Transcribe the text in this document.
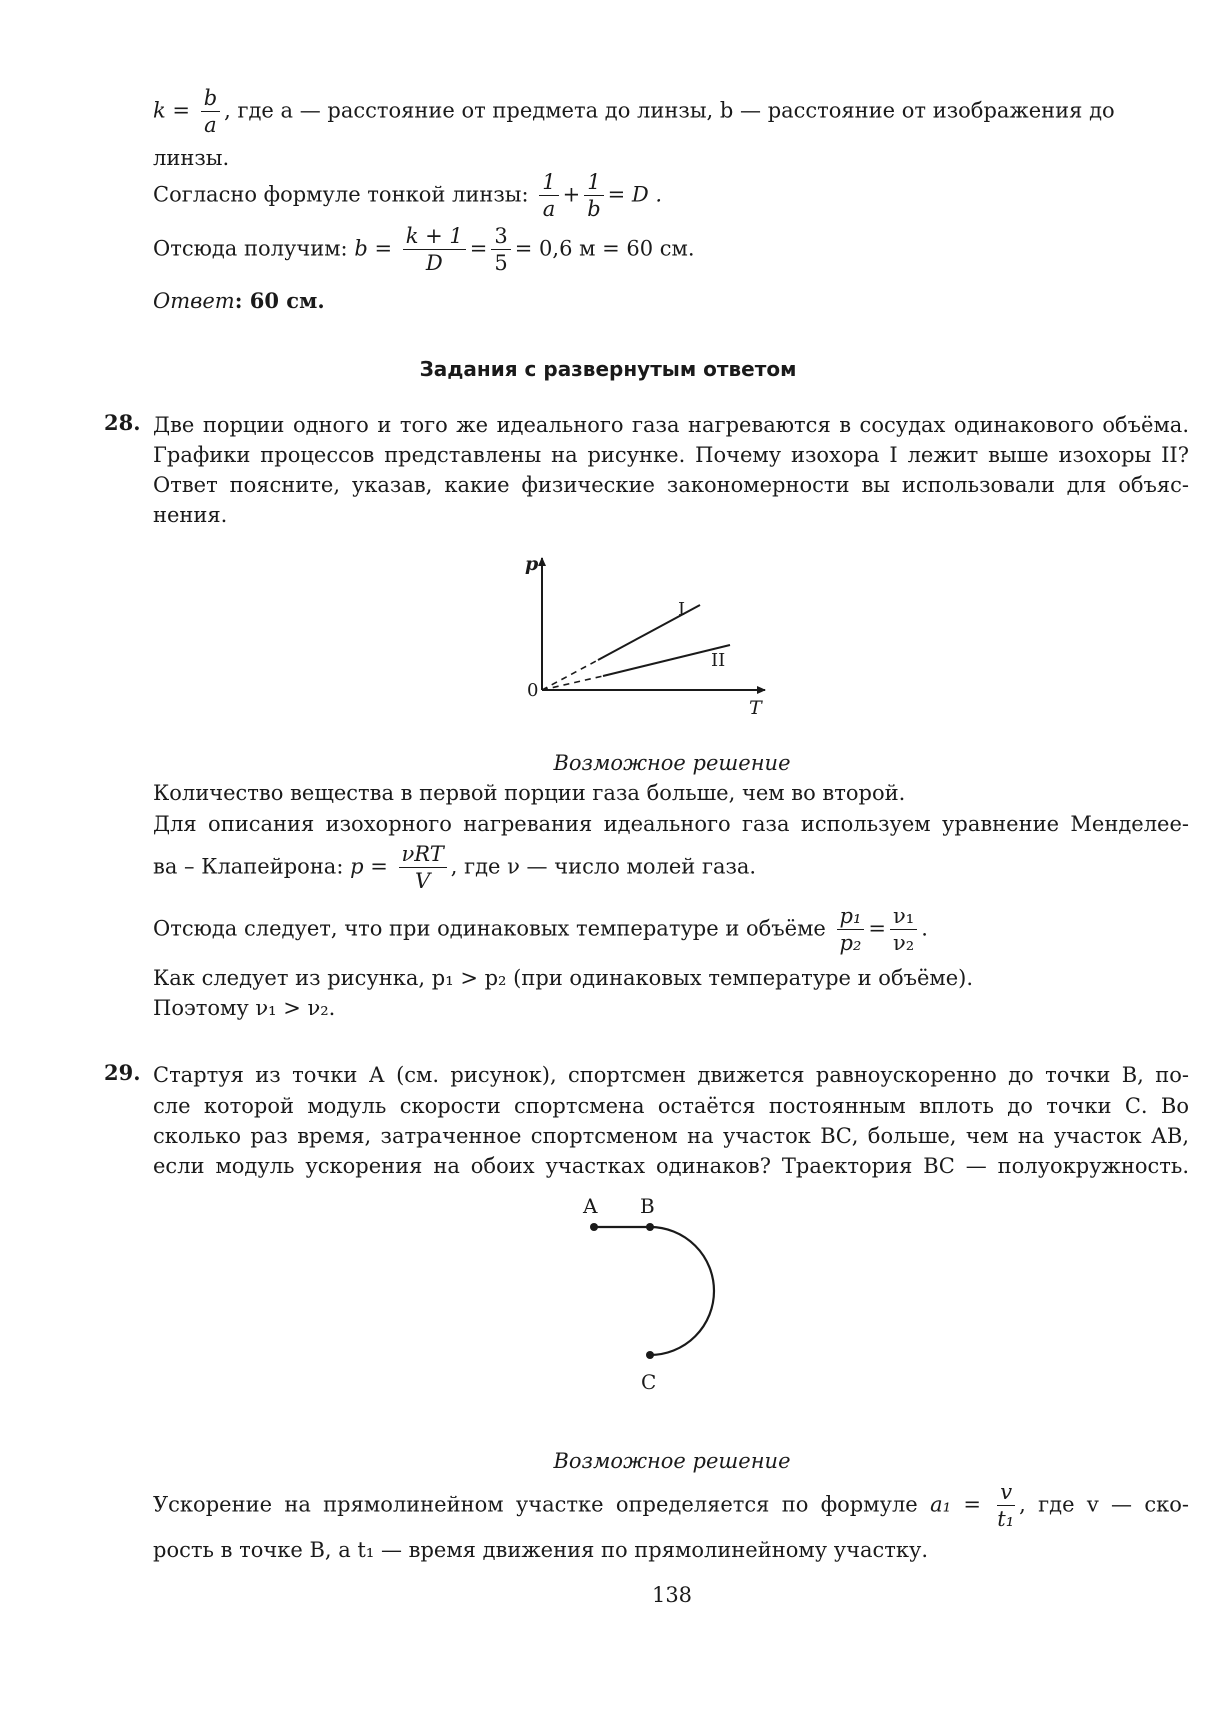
$k = \frac{b}{a}$ , где a — расстояние от предмета до линзы, b — расстояние от изображения до
линзы.
Согласно формуле тонкой линзы: $\frac{1}{a} + \frac{1}{b} = D$ .
Отсюда получим: $b = \frac{k + 1}{D} = \frac{3}{5} = 0,6$ м = 60 см.
Ответ: 60 см.
Задания с развернутым ответом
28. Две порции одного и того же идеального газа нагреваются в сосудах одинакового объёма.
Графики процессов представлены на рисунке. Почему изохора I лежит выше изохоры II?
Ответ поясните, указав, какие физические закономерности вы использовали для объяс-
нения.
p
T
0
I
II
Возможное решение
Количество вещества в первой порции газа больше, чем во второй.
Для описания изохорного нагревания идеального газа используем уравнение Менделее-
ва – Клапейрона: $p = \frac{\text{νRT}}{V}$ , где ν — число молей газа.
Отсюда следует, что при одинаковых температуре и объёме $\frac{\text{p₁}}{\text{p₂}} = \frac{\text{ν₁}}{\text{ν₂}}$ .
Как следует из рисунка, p₁ > p₂ (при одинаковых температуре и объёме).
Поэтому ν₁ > ν₂.
29. Стартуя из точки А (см. рисунок), спортсмен движется равноускоренно до точки В, по-
сле которой модуль скорости спортсмена остаётся постоянным вплоть до точки С. Во
сколько раз время, затраченное спортсменом на участок ВС, больше, чем на участок АВ,
если модуль ускорения на обоих участках одинаков? Траектория ВС — полуокружность.
A B
C
Возможное решение
Ускорение на прямолинейном участке определяется по формуле $a_1 = \frac{v}{\text{t₁}}$ , где v — ско-
рость в точке В, а t₁ — время движения по прямолинейному участку.
138
